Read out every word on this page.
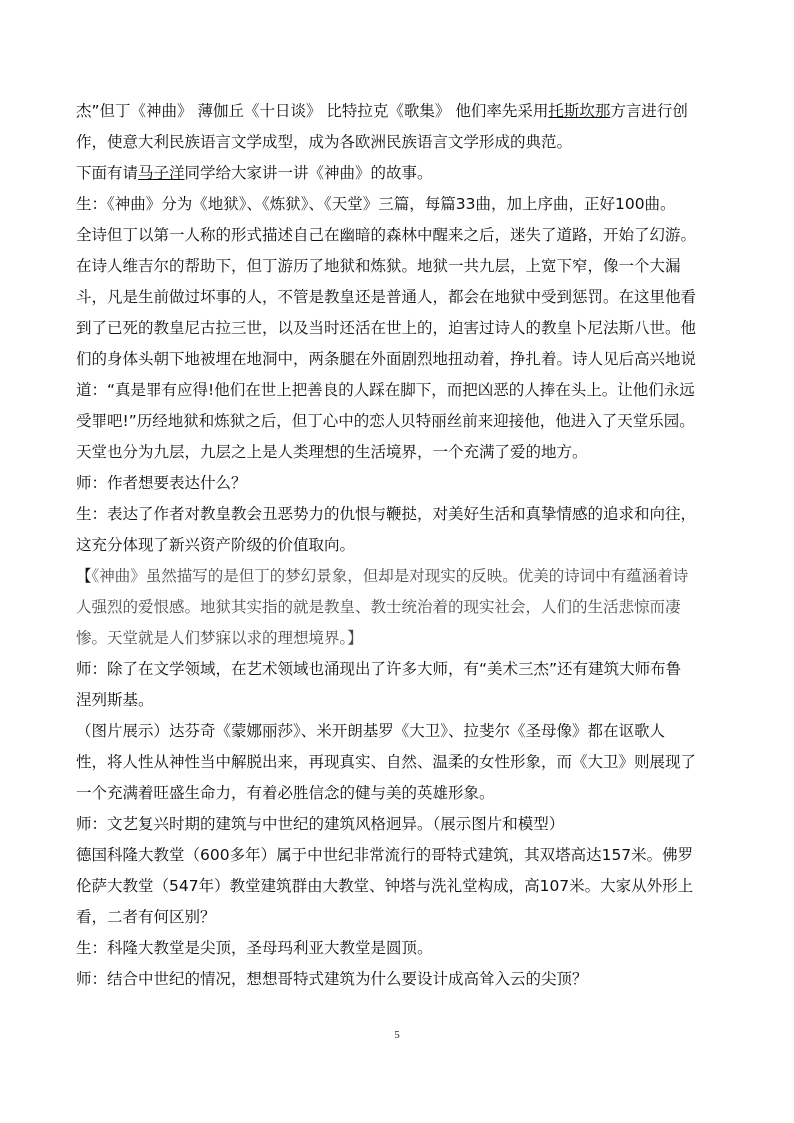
杰”但丁《神曲》 薄伽丘《十日谈》 比特拉克《歌集》 他们率先采用托斯坎那方言进行创
作，使意大利民族语言文学成型，成为各欧洲民族语言文学形成的典范。
下面有请马子洋同学给大家讲一讲《神曲》的故事。
生：《神曲》分为《地狱》、《炼狱》、《天堂》三篇，每篇33曲，加上序曲，正好100曲。
全诗但丁以第一人称的形式描述自己在幽暗的森林中醒来之后，迷失了道路，开始了幻游。
在诗人维吉尔的帮助下，但丁游历了地狱和炼狱。地狱一共九层，上宽下窄，像一个大漏
斗，凡是生前做过坏事的人，不管是教皇还是普通人，都会在地狱中受到惩罚。在这里他看
到了已死的教皇尼古拉三世，以及当时还活在世上的，迫害过诗人的教皇卜尼法斯八世。他
们的身体头朝下地被埋在地洞中，两条腿在外面剧烈地扭动着，挣扎着。诗人见后高兴地说
道：“真是罪有应得!他们在世上把善良的人踩在脚下，而把凶恶的人捧在头上。让他们永远
受罪吧!”历经地狱和炼狱之后，但丁心中的恋人贝特丽丝前来迎接他，他进入了天堂乐园。
天堂也分为九层，九层之上是人类理想的生活境界，一个充满了爱的地方。
师：作者想要表达什么？
生：表达了作者对教皇教会丑恶势力的仇恨与鞭挞，对美好生活和真挚情感的追求和向往，
这充分体现了新兴资产阶级的价值取向。
【《神曲》虽然描写的是但丁的梦幻景象，但却是对现实的反映。优美的诗词中有蕴涵着诗
人强烈的爱恨感。地狱其实指的就是教皇、教士统治着的现实社会，人们的生活悲惊而凄
惨。天堂就是人们梦寐以求的理想境界。】
师：除了在文学领域，在艺术领域也涌现出了许多大师，有“美术三杰”还有建筑大师布鲁
涅列斯基。
（图片展示）达芬奇《蒙娜丽莎》、米开朗基罗《大卫》、拉斐尔《圣母像》都在讴歌人
性，将人性从神性当中解脱出来，再现真实、自然、温柔的女性形象，而《大卫》则展现了
一个充满着旺盛生命力，有着必胜信念的健与美的英雄形象。
师：文艺复兴时期的建筑与中世纪的建筑风格迥异。（展示图片和模型）
德国科隆大教堂（600多年）属于中世纪非常流行的哥特式建筑，其双塔高达157米。佛罗
伦萨大教堂（547年）教堂建筑群由大教堂、钟塔与洗礼堂构成，高107米。大家从外形上
看，二者有何区别？
生：科隆大教堂是尖顶，圣母玛利亚大教堂是圆顶。
师：结合中世纪的情况，想想哥特式建筑为什么要设计成高耸入云的尖顶？

5
